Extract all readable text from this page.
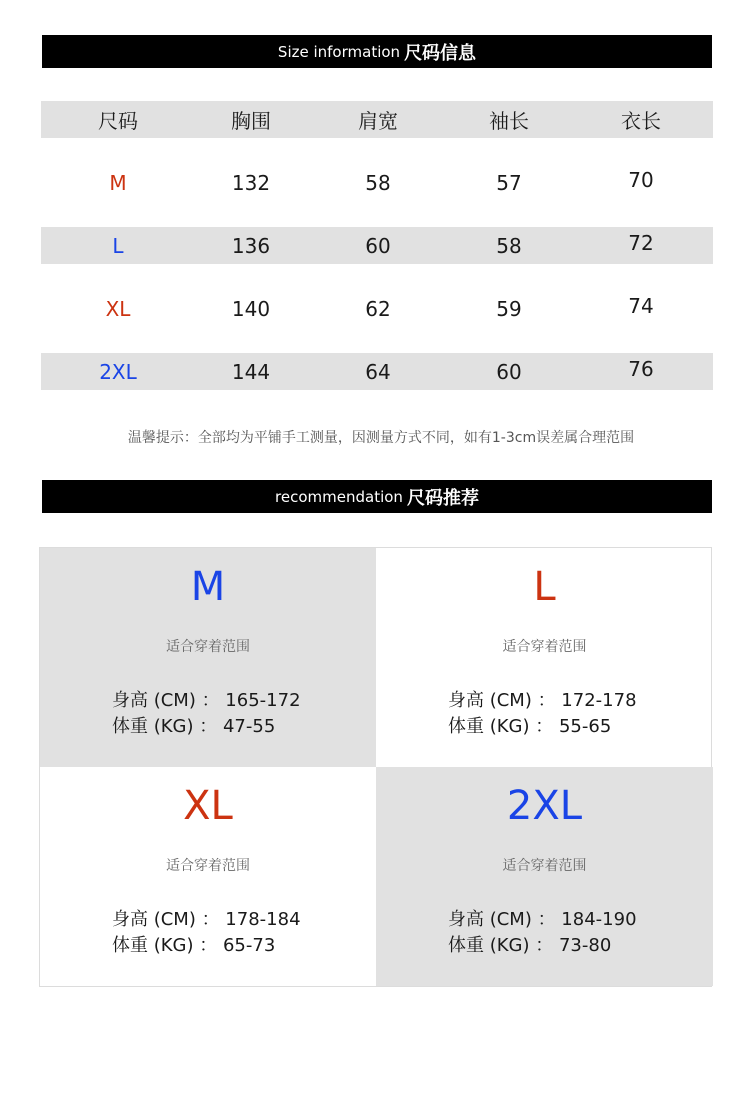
Size information 尺码信息
尺码	胸围	肩宽	袖长	衣长
M	132	58	57	70
L	136	60	58	72
XL	140	62	59	74
2XL	144	64	60	76
温馨提示：全部均为平铺手工测量，因测量方式不同，如有1-3cm误差属合理范围
recommendation 尺码推荐
M
适合穿着范围
身高 (CM) ： 165-172
体重 (KG) ： 47-55
L
适合穿着范围
身高 (CM) ： 172-178
体重 (KG) ： 55-65
XL
适合穿着范围
身高 (CM) ： 178-184
体重 (KG) ： 65-73
2XL
适合穿着范围
身高 (CM) ： 184-190
体重 (KG) ： 73-80
